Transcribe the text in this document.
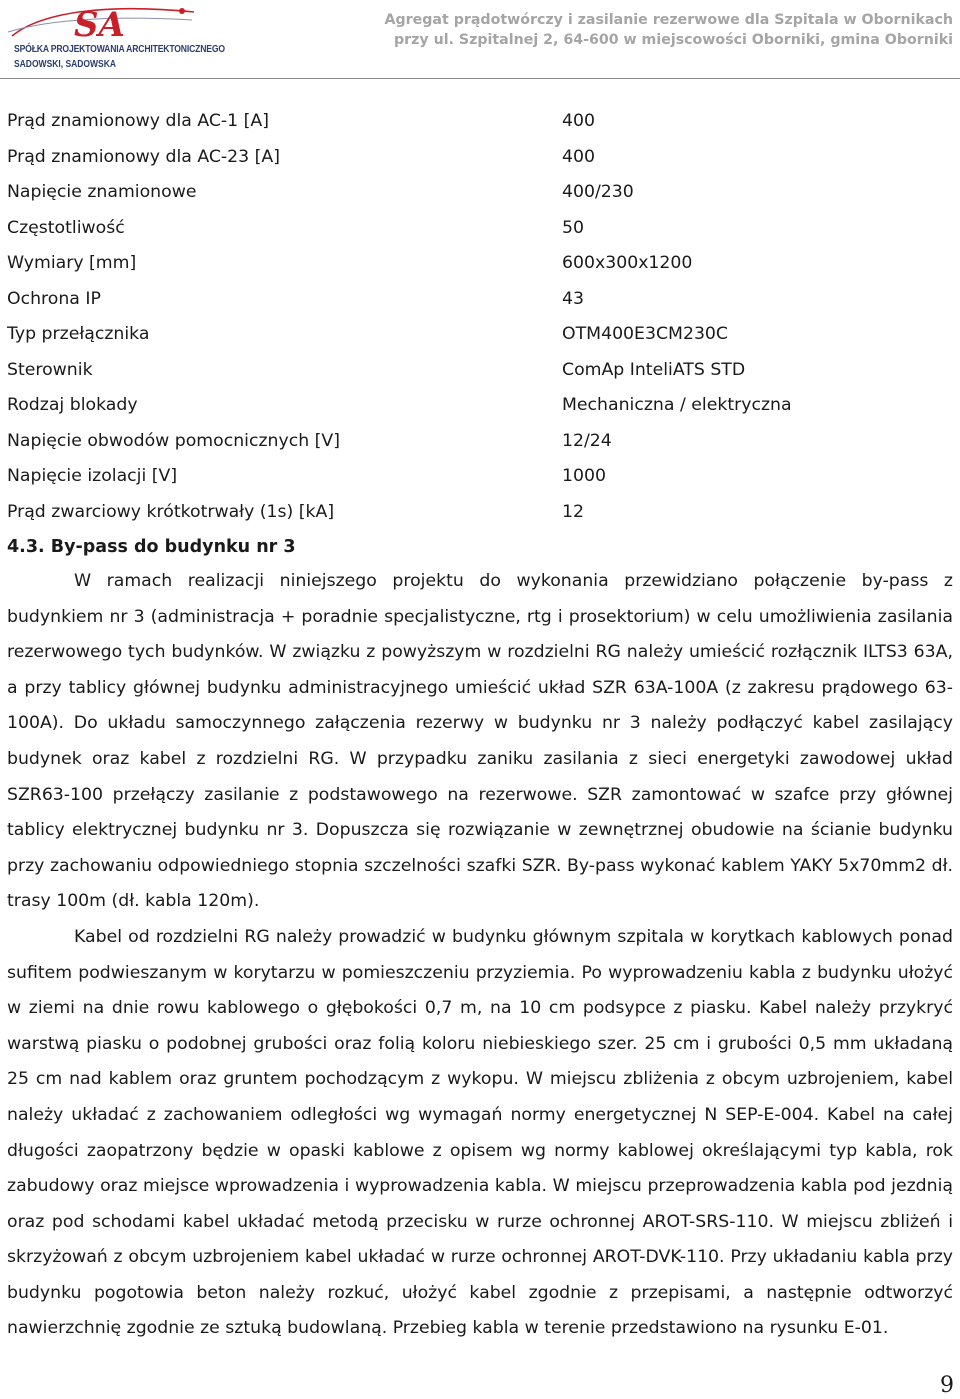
SA
SPÓŁKA PROJEKTOWANIA ARCHITEKTONICZNEGO
SADOWSKI, SADOWSKA
Agregat prądotwórczy i zasilanie rezerwowe dla Szpitala w Obornikach
przy ul. Szpitalnej 2, 64-600 w miejscowości Oborniki, gmina Oborniki
Prąd znamionowy dla AC-1 [A]	400
Prąd znamionowy dla AC-23 [A]	400
Napięcie znamionowe	400/230
Częstotliwość	50
Wymiary [mm]	600x300x1200
Ochrona IP	43
Typ przełącznika	OTM400E3CM230C
Sterownik	ComAp InteliATS STD
Rodzaj blokady	Mechaniczna / elektryczna
Napięcie obwodów pomocnicznych [V]	12/24
Napięcie izolacji [V]	1000
Prąd zwarciowy krótkotrwały (1s) [kA]	12
4.3. By-pass do budynku nr 3

W ramach realizacji niniejszego projektu do wykonania przewidziano połączenie by-pass z budynkiem nr 3 (administracja + poradnie specjalistyczne, rtg i prosektorium) w celu umożliwienia zasilania rezerwowego tych budynków. W związku z powyższym w rozdzielni RG należy umieścić rozłącznik ILTS3 63A, a przy tablicy głównej budynku administracyjnego umieścić układ SZR 63A-100A (z zakresu prądowego 63-100A). Do układu samoczynnego załączenia rezerwy w budynku nr 3 należy podłączyć kabel zasilający budynek oraz kabel z rozdzielni RG. W przypadku zaniku zasilania z sieci energetyki zawodowej układ SZR63-100 przełączy zasilanie z podstawowego na rezerwowe. SZR zamontować w szafce przy głównej tablicy elektrycznej budynku nr 3. Dopuszcza się rozwiązanie w zewnętrznej obudowie na ścianie budynku przy zachowaniu odpowiedniego stopnia szczelności szafki SZR. By-pass wykonać kablem YAKY 5x70mm2 dł. trasy 100m (dł. kabla 120m).

Kabel od rozdzielni RG należy prowadzić w budynku głównym szpitala w korytkach kablowych ponad sufitem podwieszanym w korytarzu w pomieszczeniu przyziemia. Po wyprowadzeniu kabla z budynku ułożyć w ziemi na dnie rowu kablowego o głębokości 0,7 m, na 10 cm podsypce z piasku. Kabel należy przykryć warstwą piasku o podobnej grubości oraz folią koloru niebieskiego szer. 25 cm i grubości 0,5 mm układaną 25 cm nad kablem oraz gruntem pochodzącym z wykopu. W miejscu zbliżenia z obcym uzbrojeniem, kabel należy układać z zachowaniem odległości wg wymagań normy energetycznej N SEP-E-004. Kabel na całej długości zaopatrzony będzie w opaski kablowe z opisem wg normy kablowej określającymi typ kabla, rok zabudowy oraz miejsce wprowadzenia i wyprowadzenia kabla. W miejscu przeprowadzenia kabla pod jezdnią oraz pod schodami kabel układać metodą przecisku w rurze ochronnej AROT-SRS-110. W miejscu zbliżeń i skrzyżowań z obcym uzbrojeniem kabel układać w rurze ochronnej AROT-DVK-110. Przy układaniu kabla przy budynku pogotowia beton należy rozkuć, ułożyć kabel zgodnie z przepisami, a następnie odtworzyć nawierzchnię zgodnie ze sztuką budowlaną. Przebieg kabla w terenie przedstawiono na rysunku E-01.

9
